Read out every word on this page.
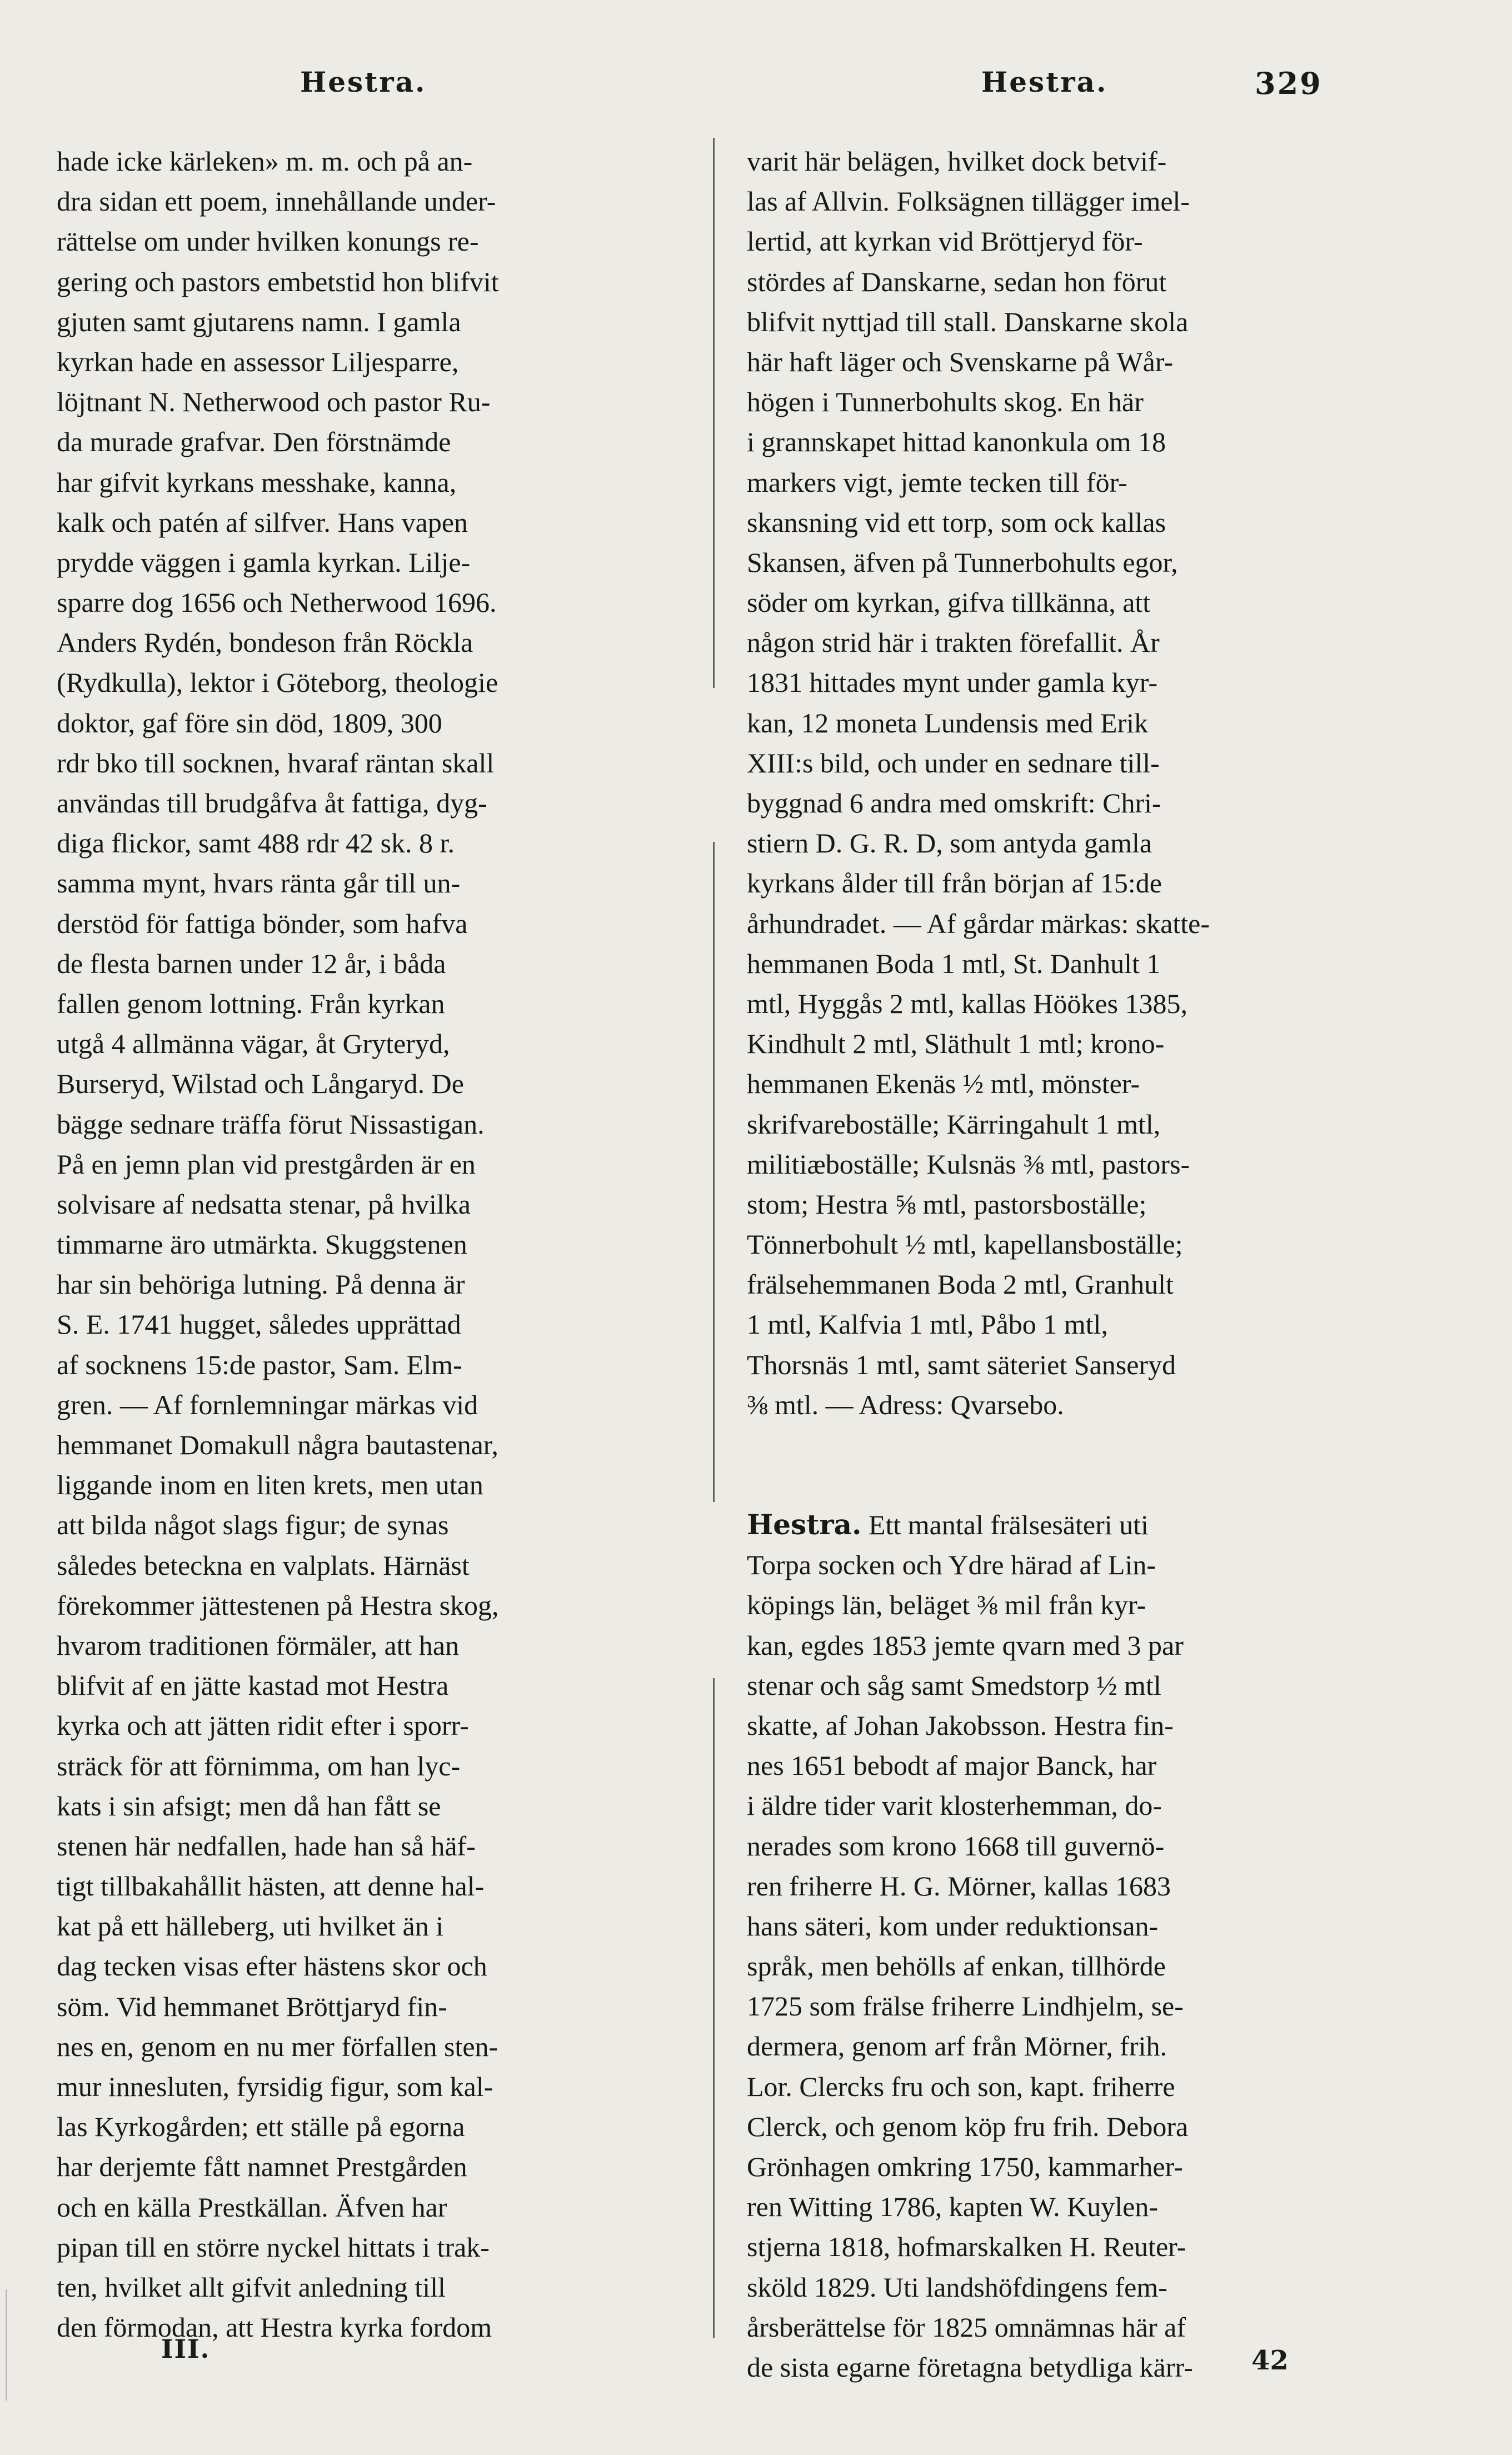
Hestra.	Hestra.	329
hade icke kärleken» m. m. och på an-
dra sidan ett poem, innehållande under-
rättelse om under hvilken konungs re-
gering och pastors embetstid hon blifvit
gjuten samt gjutarens namn. I gamla
kyrkan hade en assessor Liljesparre,
löjtnant N. Netherwood och pastor Ru-
da murade grafvar. Den förstnämde
har gifvit kyrkans messhake, kanna,
kalk och patén af silfver. Hans vapen
prydde väggen i gamla kyrkan. Lilje-
sparre dog 1656 och Netherwood 1696.
Anders Rydén, bondeson från Röckla
(Rydkulla), lektor i Göteborg, theologie
doktor, gaf före sin död, 1809, 300
rdr bko till socknen, hvaraf räntan skall
användas till brudgåfva åt fattiga, dyg-
diga flickor, samt 488 rdr 42 sk. 8 r.
samma mynt, hvars ränta går till un-
derstöd för fattiga bönder, som hafva
de flesta barnen under 12 år, i båda
fallen genom lottning. Från kyrkan
utgå 4 allmänna vägar, åt Gryteryd,
Burseryd, Wilstad och Långaryd. De
bägge sednare träffa förut Nissastigan.
På en jemn plan vid prestgården är en
solvisare af nedsatta stenar, på hvilka
timmarne äro utmärkta. Skuggstenen
har sin behöriga lutning. På denna är
S. E. 1741 hugget, således upprättad
af socknens 15:de pastor, Sam. Elm-
gren. — Af fornlemningar märkas vid
hemmanet Domakull några bautastenar,
liggande inom en liten krets, men utan
att bilda något slags figur; de synas
således beteckna en valplats. Härnäst
förekommer jättestenen på Hestra skog,
hvarom traditionen förmäler, att han
blifvit af en jätte kastad mot Hestra
kyrka och att jätten ridit efter i sporr-
sträck för att förnimma, om han lyc-
kats i sin afsigt; men då han fått se
stenen här nedfallen, hade han så häf-
tigt tillbakahållit hästen, att denne hal-
kat på ett hälleberg, uti hvilket än i
dag tecken visas efter hästens skor och
söm. Vid hemmanet Bröttjaryd fin-
nes en, genom en nu mer förfallen sten-
mur innesluten, fyrsidig figur, som kal-
las Kyrkogården; ett ställe på egorna
har derjemte fått namnet Prestgården
och en källa Prestkällan. Äfven har
pipan till en större nyckel hittats i trak-
ten, hvilket allt gifvit anledning till
den förmodan, att Hestra kyrka fordom
varit här belägen, hvilket dock betvif-
las af Allvin. Folksägnen tillägger imel-
lertid, att kyrkan vid Bröttjeryd för-
stördes af Danskarne, sedan hon förut
blifvit nyttjad till stall. Danskarne skola
här haft läger och Svenskarne på Wår-
högen i Tunnerbohults skog. En här
i grannskapet hittad kanonkula om 18
markers vigt, jemte tecken till för-
skansning vid ett torp, som ock kallas
Skansen, äfven på Tunnerbohults egor,
söder om kyrkan, gifva tillkänna, att
någon strid här i trakten förefallit. År
1831 hittades mynt under gamla kyr-
kan, 12 moneta Lundensis med Erik
XIII:s bild, och under en sednare till-
byggnad 6 andra med omskrift: Chri-
stiern D. G. R. D, som antyda gamla
kyrkans ålder till från början af 15:de
århundradet. — Af gårdar märkas: skatte-
hemmanen Boda 1 mtl, St. Danhult 1
mtl, Hyggås 2 mtl, kallas Höökes 1385,
Kindhult 2 mtl, Släthult 1 mtl; krono-
hemmanen Ekenäs ½ mtl, mönster-
skrifvareboställe; Kärringahult 1 mtl,
militiæboställe; Kulsnäs ⅜ mtl, pastors-
stom; Hestra ⅝ mtl, pastorsboställe;
Tönnerbohult ½ mtl, kapellansboställe;
frälsehemmanen Boda 2 mtl, Granhult
1 mtl, Kalfvia 1 mtl, Påbo 1 mtl,
Thorsnäs 1 mtl, samt säteriet Sanseryd
⅜ mtl. — Adress: Qvarsebo.
Hestra. Ett mantal frälsesäteri uti
Torpa socken och Ydre härad af Lin-
köpings län, beläget ⅜ mil från kyr-
kan, egdes 1853 jemte qvarn med 3 par
stenar och såg samt Smedstorp ½ mtl
skatte, af Johan Jakobsson. Hestra fin-
nes 1651 bebodt af major Banck, har
i äldre tider varit klosterhemman, do-
nerades som krono 1668 till guvernö-
ren friherre H. G. Mörner, kallas 1683
hans säteri, kom under reduktionsan-
språk, men behölls af enkan, tillhörde
1725 som frälse friherre Lindhjelm, se-
dermera, genom arf från Mörner, frih.
Lor. Clercks fru och son, kapt. friherre
Clerck, och genom köp fru frih. Debora
Grönhagen omkring 1750, kammarher-
ren Witting 1786, kapten W. Kuylen-
stjerna 1818, hofmarskalken H. Reuter-
sköld 1829. Uti landshöfdingens fem-
årsberättelse för 1825 omnämnas här af
de sista egarne företagna betydliga kärr-
III.	42
